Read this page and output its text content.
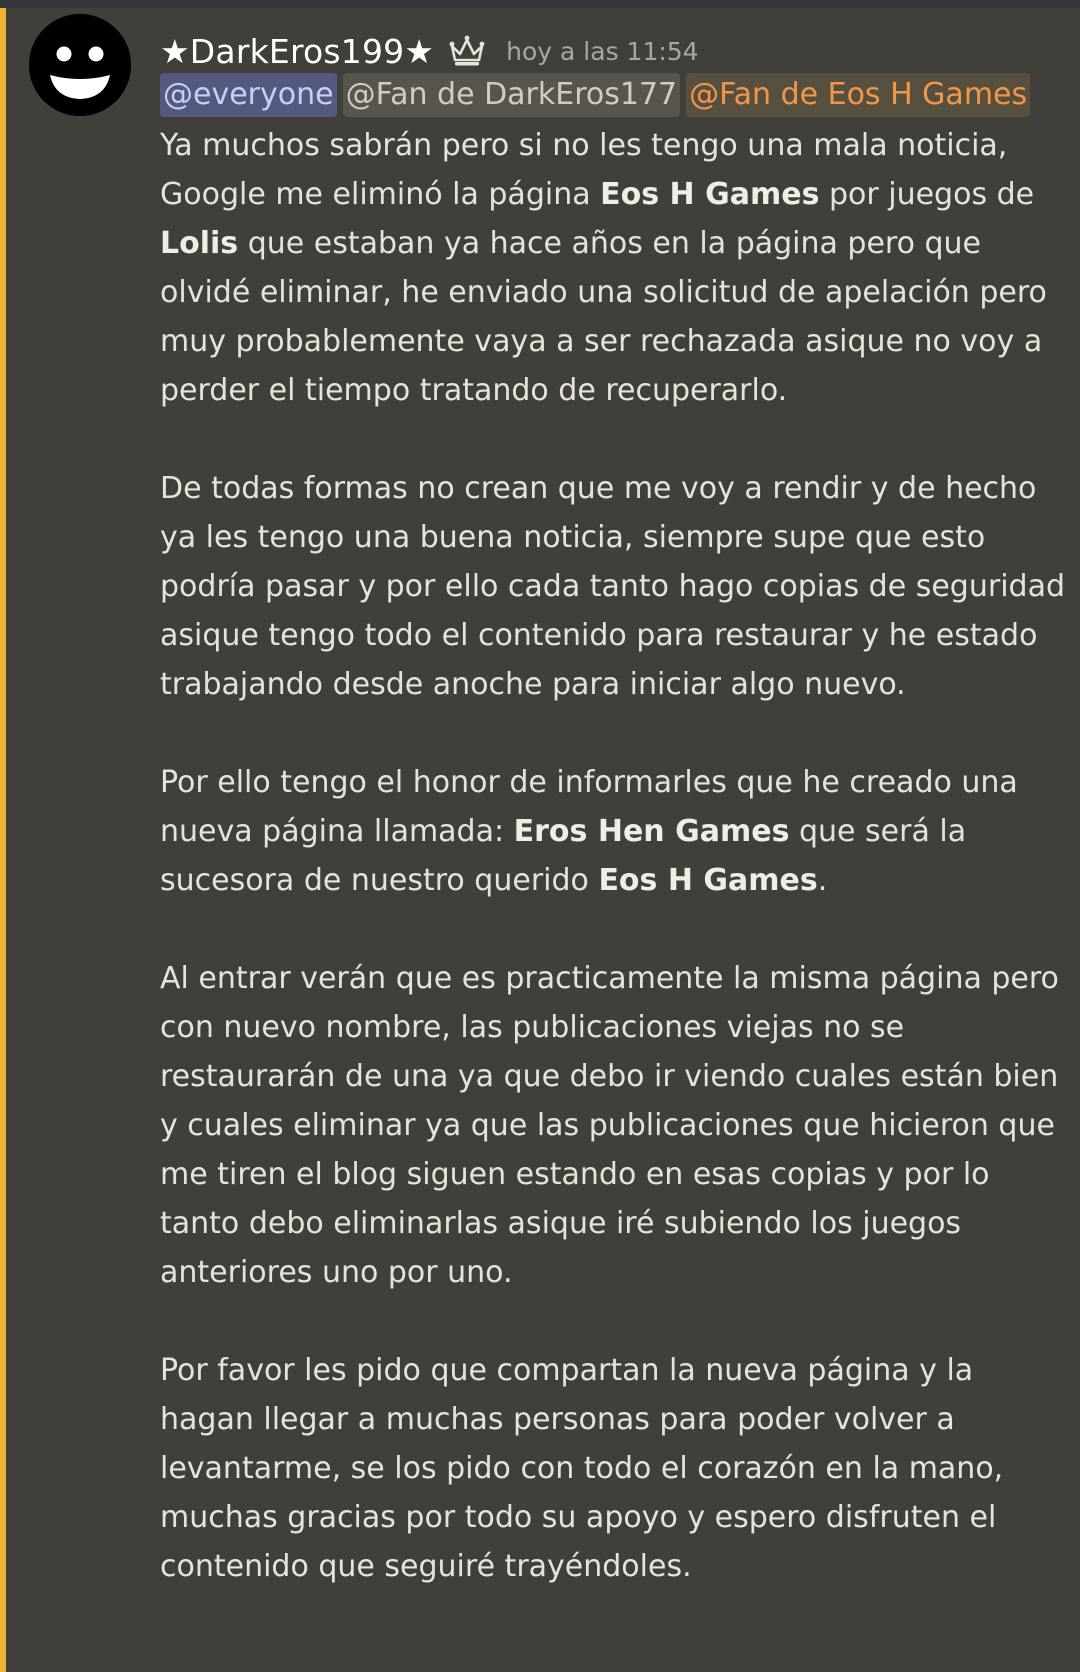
★DarkEros199★	hoy a las 11:54
@everyone @Fan de DarkEros177 @Fan de Eos H Games

Ya muchos sabrán pero si no les tengo una mala noticia, Google me eliminó la página Eos H Games por juegos de Lolis que estaban ya hace años en la página pero que olvidé eliminar, he enviado una solicitud de apelación pero muy probablemente vaya a ser rechazada asique no voy a perder el tiempo tratando de recuperarlo.

De todas formas no crean que me voy a rendir y de hecho ya les tengo una buena noticia, siempre supe que esto podría pasar y por ello cada tanto hago copias de seguridad asique tengo todo el contenido para restaurar y he estado trabajando desde anoche para iniciar algo nuevo.

Por ello tengo el honor de informarles que he creado una nueva página llamada: Eros Hen Games que será la sucesora de nuestro querido Eos H Games.

Al entrar verán que es practicamente la misma página pero con nuevo nombre, las publicaciones viejas no se restaurarán de una ya que debo ir viendo cuales están bien y cuales eliminar ya que las publicaciones que hicieron que me tiren el blog siguen estando en esas copias y por lo tanto debo eliminarlas asique iré subiendo los juegos anteriores uno por uno.

Por favor les pido que compartan la nueva página y la hagan llegar a muchas personas para poder volver a levantarme, se los pido con todo el corazón en la mano, muchas gracias por todo su apoyo y espero disfruten el contenido que seguiré trayéndoles.
